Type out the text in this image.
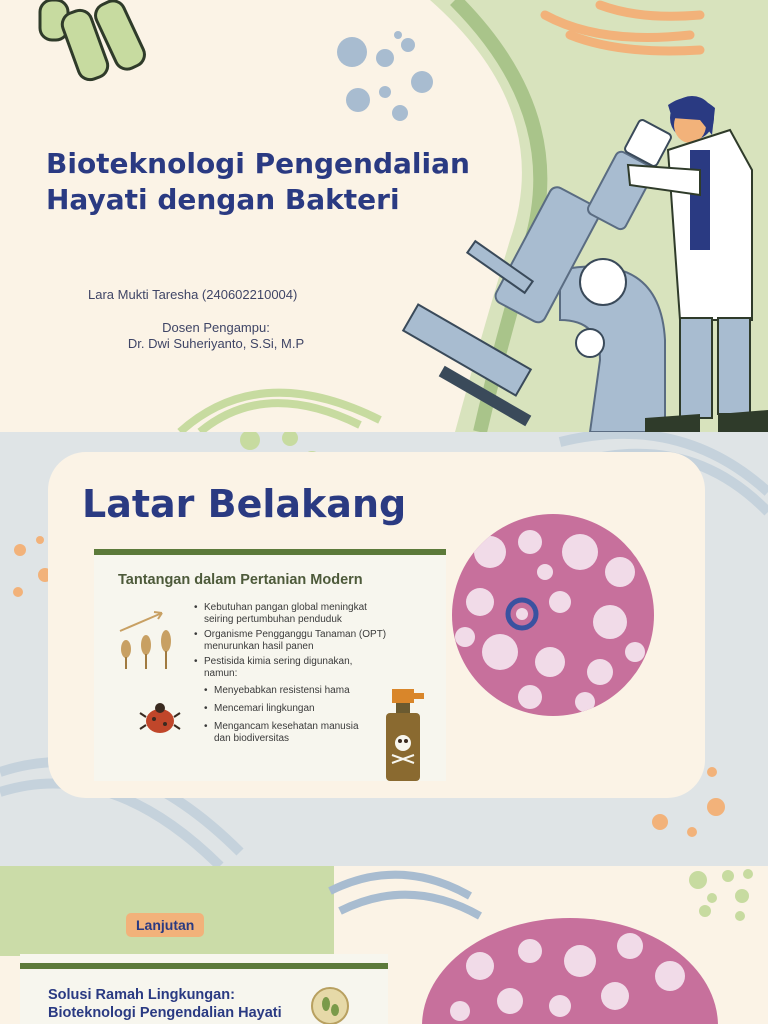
Bioteknologi Pengendalian
Hayati dengan Bakteri
Lara Mukti Taresha (240602210004)
Dosen Pengampu:
Dr. Dwi Suheriyanto, S.Si, M.P
Latar Belakang
Tantangan dalam Pertanian Modern
• Kebutuhan pangan global meningkat seiring pertumbuhan penduduk
• Organisme Pengganggu Tanaman (OPT) menurunkan hasil panen
• Pestisida kimia sering digunakan, namun:
• Menyebabkan resistensi hama
• Mencemari lingkungan
• Mengancam kesehatan manusia dan biodiversitas
Lanjutan
Solusi Ramah Lingkungan:
Bioteknologi Pengendalian Hayati
